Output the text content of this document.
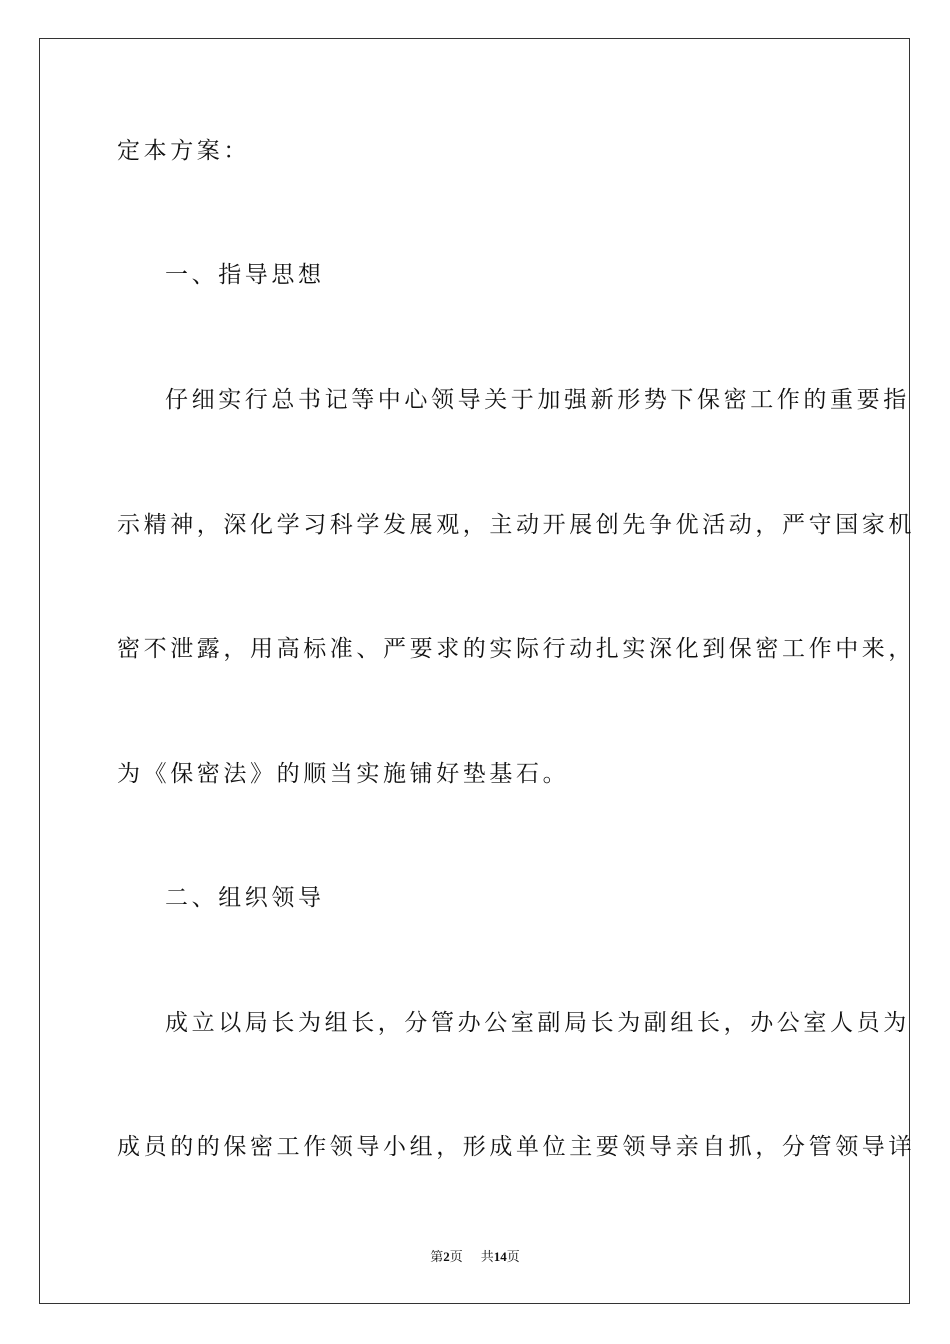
定本方案：
一、指导思想
仔细实行总书记等中心领导关于加强新形势下保密工作的重要指
示精神，深化学习科学发展观，主动开展创先争优活动，严守国家机
密不泄露，用高标准、严要求的实际行动扎实深化到保密工作中来，
为《保密法》的顺当实施铺好垫基石。
二、组织领导
成立以局长为组长，分管办公室副局长为副组长，办公室人员为
成员的的保密工作领导小组，形成单位主要领导亲自抓，分管领导详
第2页 共14页
